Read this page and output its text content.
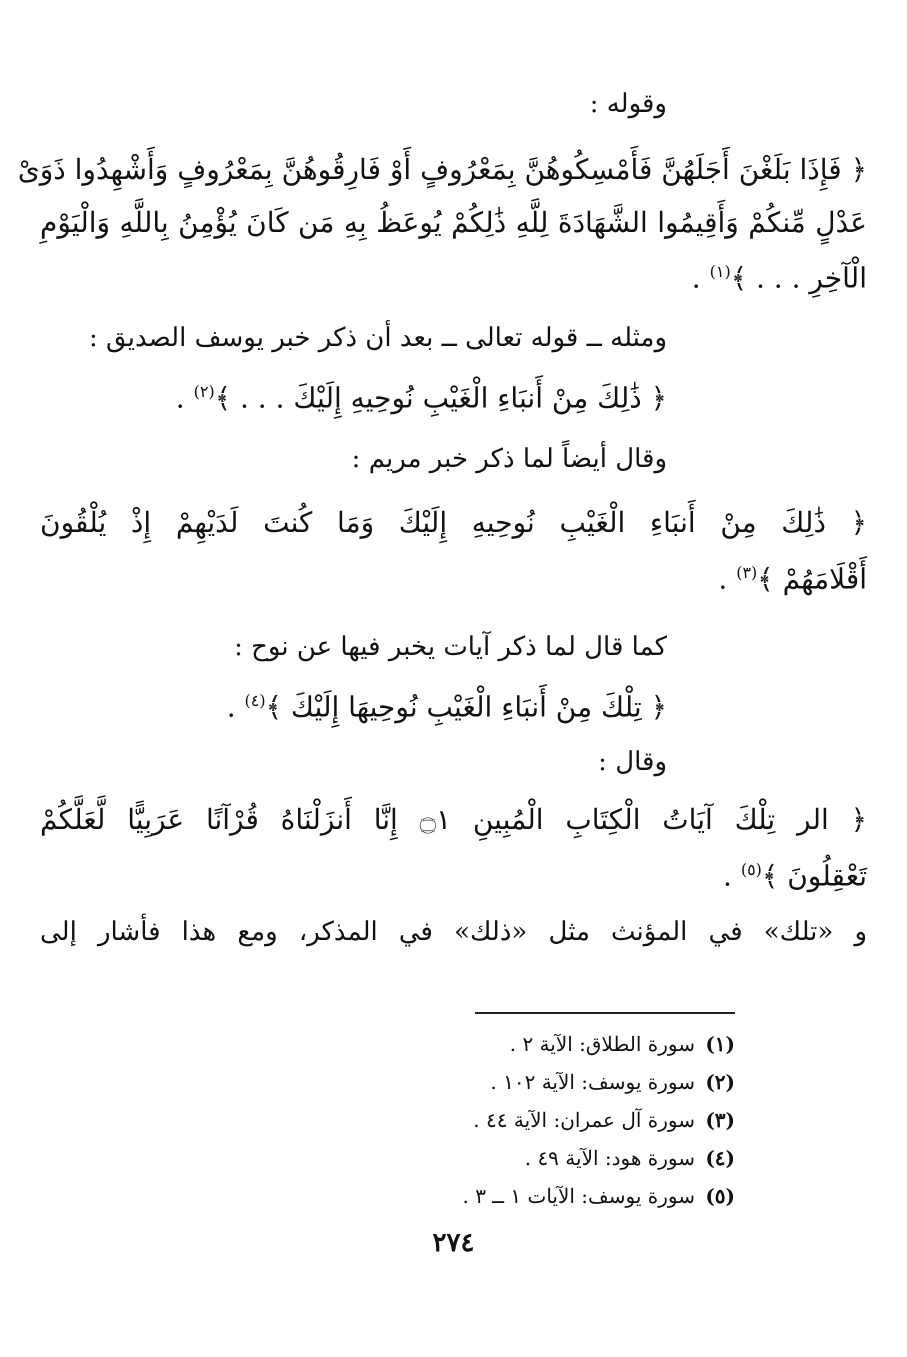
وقوله :
﴿ فَإِذَا بَلَغْنَ أَجَلَهُنَّ فَأَمْسِكُوهُنَّ بِمَعْرُوفٍ أَوْ فَارِقُوهُنَّ بِمَعْرُوفٍ وَأَشْهِدُوا ذَوَىْ
عَدْلٍ مِّنكُمْ وَأَقِيمُوا الشَّهَادَةَ لِلَّهِ ذَٰلِكُمْ يُوعَظُ بِهِ مَن كَانَ يُؤْمِنُ بِاللَّهِ وَالْيَوْمِ
الْآخِرِ . . . ﴾$^{(١)}$ .
ومثله ــ قوله تعالى ــ بعد أن ذكر خبر يوسف الصديق :
﴿ ذَٰلِكَ مِنْ أَنبَاءِ الْغَيْبِ نُوحِيهِ إِلَيْكَ . . . ﴾$^{(٢)}$ .
وقال أيضاً لما ذكر خبر مريم :
﴿ ذَٰلِكَ مِنْ أَنبَاءِ الْغَيْبِ نُوحِيهِ إِلَيْكَ وَمَا كُنتَ لَدَيْهِمْ إِذْ يُلْقُونَ
أَقْلَامَهُمْ ﴾$^{(٣)}$ .
كما قال لما ذكر آيات يخبر فيها عن نوح :
﴿ تِلْكَ مِنْ أَنبَاءِ الْغَيْبِ نُوحِيهَا إِلَيْكَ ﴾$^{(٤)}$ .
وقال :
﴿ الر تِلْكَ آيَاتُ الْكِتَابِ الْمُبِينِ ۝١ إِنَّا أَنزَلْنَاهُ قُرْآنًا عَرَبِيًّا لَّعَلَّكُمْ
تَعْقِلُونَ ﴾$^{(٥)}$ .
و «تلك» في المؤنث مثل «ذلك» في المذكر، ومع هذا فأشار إلى
(١)سورة الطلاق: الآية ٢ .
(٢)سورة يوسف: الآية ١٠٢ .
(٣)سورة آل عمران: الآية ٤٤ .
(٤)سورة هود: الآية ٤٩ .
(٥)سورة يوسف: الآيات ١ ــ ٣ .
٢٧٤
